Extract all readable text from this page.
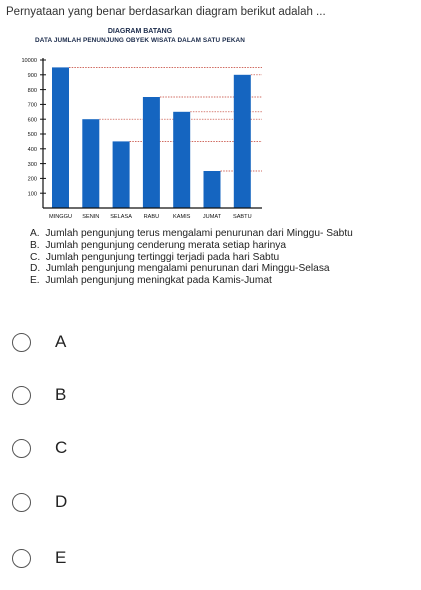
Pernyataan yang benar berdasarkan diagram berikut adalah ...
DIAGRAM BATANG
DATA JUMLAH PENUNJUNG OBYEK WISATA DALAM SATU PEKAN
100
200
300
400
500
600
700
800
900
10000
MINGGU SENIN SELASA RABU KAMIS JUMAT SABTU
A. Jumlah pengunjung terus mengalami penurunan dari Minggu- Sabtu
B. Jumlah pengunjung cenderung merata setiap harinya
C. Jumlah pengunjung tertinggi terjadi pada hari Sabtu
D. Jumlah pengunjung mengalami penurunan dari Minggu-Selasa
E. Jumlah pengunjung meningkat pada Kamis-Jumat
A
B
C
D
E
